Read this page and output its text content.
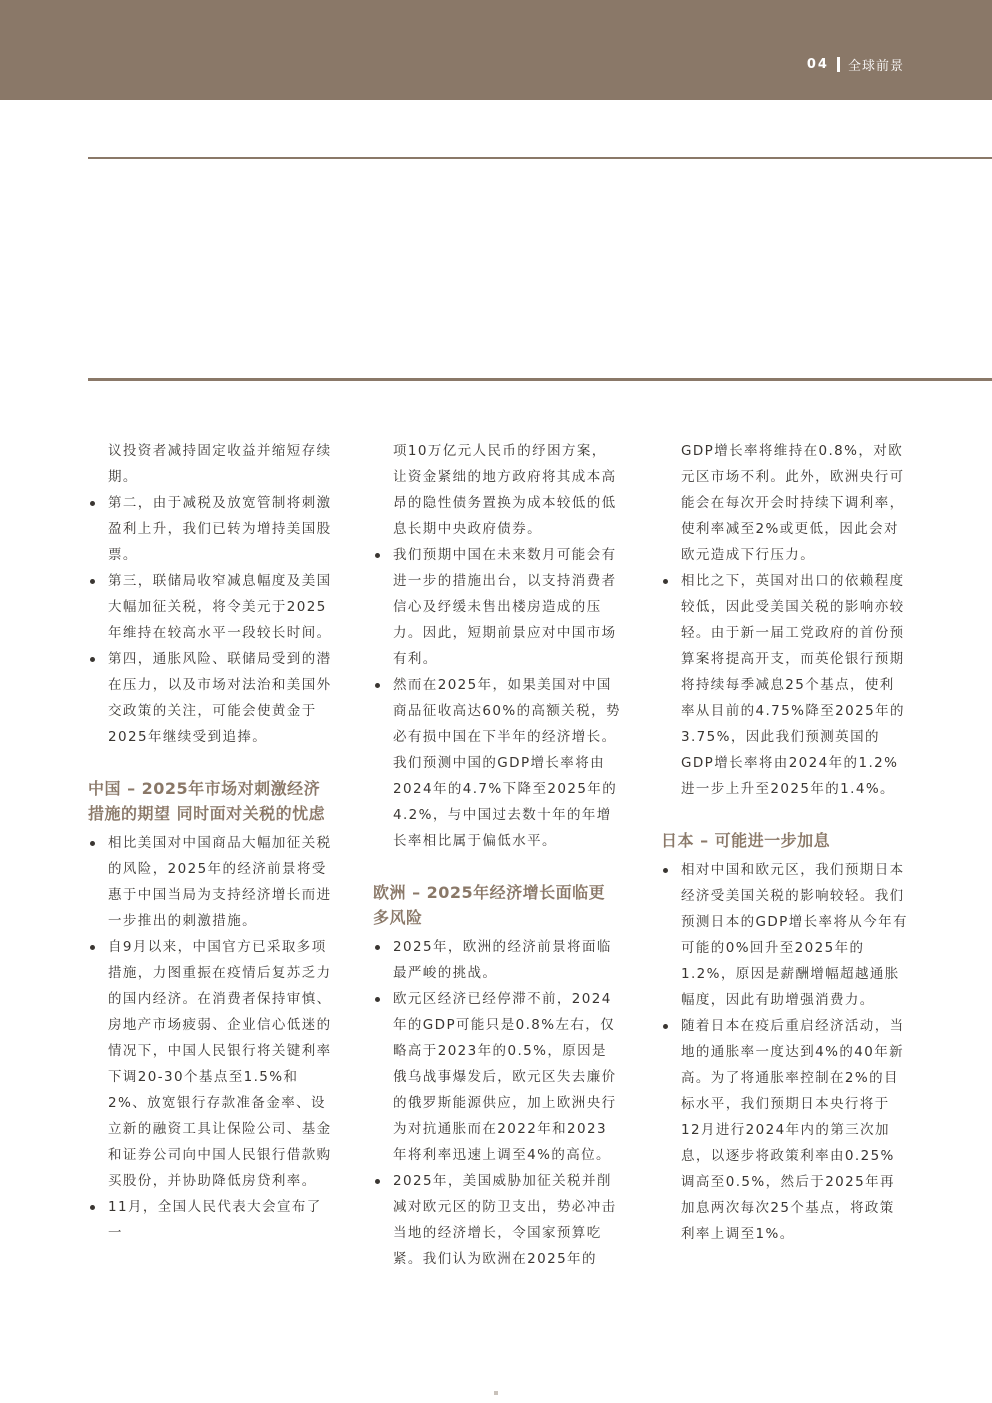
04 全球前景

议投资者减持固定收益并缩短存续期。

第二，由于减税及放宽管制将刺激盈利上升，我们已转为增持美国股票。
第三，联储局收窄减息幅度及美国大幅加征关税，将令美元于2025年维持在较高水平一段较长时间。
第四，通胀风险、联储局受到的潜在压力，以及市场对法治和美国外交政策的关注，可能会使黄金于2025年继续受到追捧。
中国 – 2025年市场对刺激经济措施的期望 同时面对关税的忧虑
相比美国对中国商品大幅加征关税的风险，2025年的经济前景将受惠于中国当局为支持经济增长而进一步推出的刺激措施。
自9月以来，中国官方已采取多项措施，力图重振在疫情后复苏乏力的国内经济。在消费者保持审慎、房地产市场疲弱、企业信心低迷的情况下，中国人民银行将关键利率下调20-30个基点至1.5%和2%、放宽银行存款准备金率、设立新的融资工具让保险公司、基金和证券公司向中国人民银行借款购买股份，并协助降低房贷利率。
11月，全国人民代表大会宣布了一

项10万亿元人民币的纾困方案，让资金紧绌的地方政府将其成本高昂的隐性债务置换为成本较低的低息长期中央政府债券。

我们预期中国在未来数月可能会有进一步的措施出台，以支持消费者信心及纾缓未售出楼房造成的压力。因此，短期前景应对中国市场有利。
然而在2025年，如果美国对中国商品征收高达60%的高额关税，势必有损中国在下半年的经济增长。我们预测中国的GDP增长率将由2024年的4.7%下降至2025年的4.2%，与中国过去数十年的年增长率相比属于偏低水平。
欧洲 – 2025年经济增长面临更多风险
2025年，欧洲的经济前景将面临最严峻的挑战。
欧元区经济已经停滞不前，2024年的GDP可能只是0.8%左右，仅略高于2023年的0.5%，原因是俄乌战事爆发后，欧元区失去廉价的俄罗斯能源供应，加上欧洲央行为对抗通胀而在2022年和2023年将利率迅速上调至4%的高位。
2025年，美国威胁加征关税并削减对欧元区的防卫支出，势必冲击当地的经济增长，令国家预算吃紧。我们认为欧洲在2025年的

GDP增长率将维持在0.8%，对欧元区市场不利。此外，欧洲央行可能会在每次开会时持续下调利率，使利率减至2%或更低，因此会对欧元造成下行压力。

相比之下，英国对出口的依赖程度较低，因此受美国关税的影响亦较轻。由于新一届工党政府的首份预算案将提高开支，而英伦银行预期将持续每季减息25个基点，使利率从目前的4.75%降至2025年的3.75%，因此我们预测英国的GDP增长率将由2024年的1.2%进一步上升至2025年的1.4%。
日本 – 可能进一步加息
相对中国和欧元区，我们预期日本经济受美国关税的影响较轻。我们预测日本的GDP增长率将从今年有可能的0%回升至2025年的1.2%，原因是薪酬增幅超越通胀幅度，因此有助增强消费力。
随着日本在疫后重启经济活动，当地的通胀率一度达到4%的40年新高。为了将通胀率控制在2%的目标水平，我们预期日本央行将于12月进行2024年内的第三次加息，以逐步将政策利率由0.25%调高至0.5%，然后于2025年再加息两次每次25个基点，将政策利率上调至1%。
